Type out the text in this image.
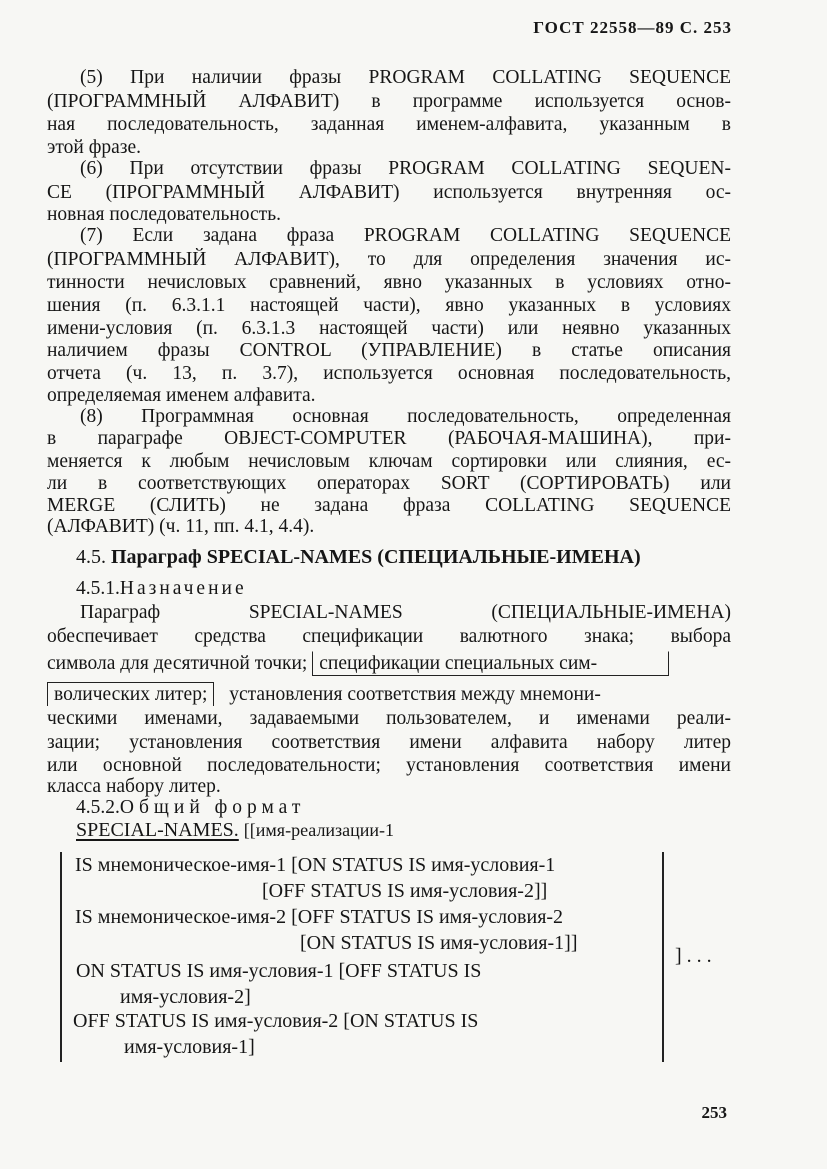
ГОСТ 22558—89 С. 253
(5) При наличии фразы PROGRAM COLLATING SEQUENCE
(ПРОГРАММНЫЙ АЛФАВИТ) в программе используется основ-
ная последовательность, заданная именем-алфавита, указанным в
этой фразе.
(6) При отсутствии фразы PROGRAM COLLATING SEQUEN-
CE (ПРОГРАММНЫЙ АЛФАВИТ) используется внутренняя ос-
новная последовательность.
(7) Если задана фраза PROGRAM COLLATING SEQUENCE
(ПРОГРАММНЫЙ АЛФАВИТ), то для определения значения ис-
тинности нечисловых сравнений, явно указанных в условиях отно-
шения (п. 6.3.1.1 настоящей части), явно указанных в условиях
имени-условия (п. 6.3.1.3 настоящей части) или неявно указанных
наличием фразы CONTROL (УПРАВЛЕНИЕ) в статье описания
отчета (ч. 13, п. 3.7), используется основная последовательность,
определяемая именем алфавита.
(8) Программная основная последовательность, определенная
в параграфе OBJECT-COMPUTER (РАБОЧАЯ-МАШИНА), при-
меняется к любым нечисловым ключам сортировки или слияния, ес-
ли в соответствующих операторах SORT (СОРТИРОВАТЬ) или
MERGE (СЛИТЬ) не задана фраза COLLATING SEQUENCE
(АЛФАВИТ) (ч. 11, пп. 4.1, 4.4).
4.5. Параграф SPECIAL-NAMES (СПЕЦИАЛЬНЫЕ-ИМЕНА)
4.5.1.Назначение
Параграф SPECIAL-NAMES (СПЕЦИАЛЬНЫЕ-ИМЕНА)
обеспечивает средства спецификации валютного знака; выбора
символа для десятичной точки; спецификации специальных сим-
волических литер; установления соответствия между мнемони-
ческими именами, задаваемыми пользователем, и именами реали-
зации; установления соответствия имени алфавита набору литер
или основной последовательности; установления соответствия имени
класса набору литер.
4.5.2.Общий формат
SPECIAL-NAMES. [[имя-реализации-1
IS мнемоническое-имя-1 [ON STATUS IS имя-условия-1
[OFF STATUS IS имя-условия-2]]
IS мнемоническое-имя-2 [OFF STATUS IS имя-условия-2
[ON STATUS IS имя-условия-1]]
ON STATUS IS имя-условия-1 [OFF STATUS IS
имя-условия-2]
OFF STATUS IS имя-условия-2 [ON STATUS IS
имя-условия-1]
] . . .
253
